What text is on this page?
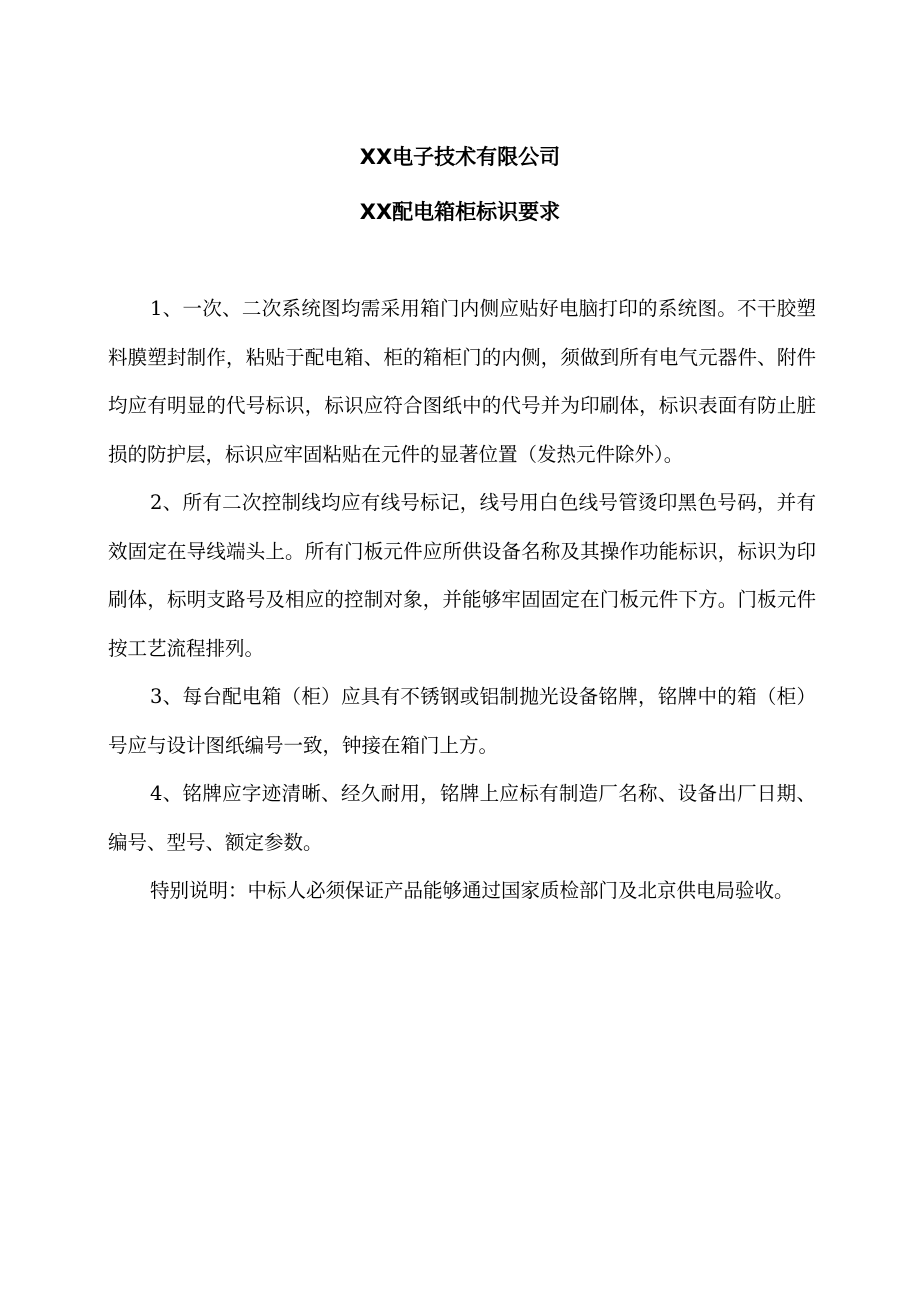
XX电子技术有限公司
XX配电箱柜标识要求

1、一次、二次系统图均需采用箱门内侧应贴好电脑打印的系统图。不干胶塑料膜塑封制作，粘贴于配电箱、柜的箱柜门的内侧，须做到所有电气元器件、附件均应有明显的代号标识，标识应符合图纸中的代号并为印刷体，标识表面有防止脏损的防护层，标识应牢固粘贴在元件的显著位置（发热元件除外）。

2、所有二次控制线均应有线号标记，线号用白色线号管烫印黑色号码，并有效固定在导线端头上。所有门板元件应所供设备名称及其操作功能标识，标识为印刷体，标明支路号及相应的控制对象，并能够牢固固定在门板元件下方。门板元件按工艺流程排列。

3、每台配电箱（柜）应具有不锈钢或铝制抛光设备铭牌，铭牌中的箱（柜）号应与设计图纸编号一致，钟接在箱门上方。

4、铭牌应字迹清晰、经久耐用，铭牌上应标有制造厂名称、设备出厂日期、编号、型号、额定参数。

特别说明：中标人必须保证产品能够通过国家质检部门及北京供电局验收。
